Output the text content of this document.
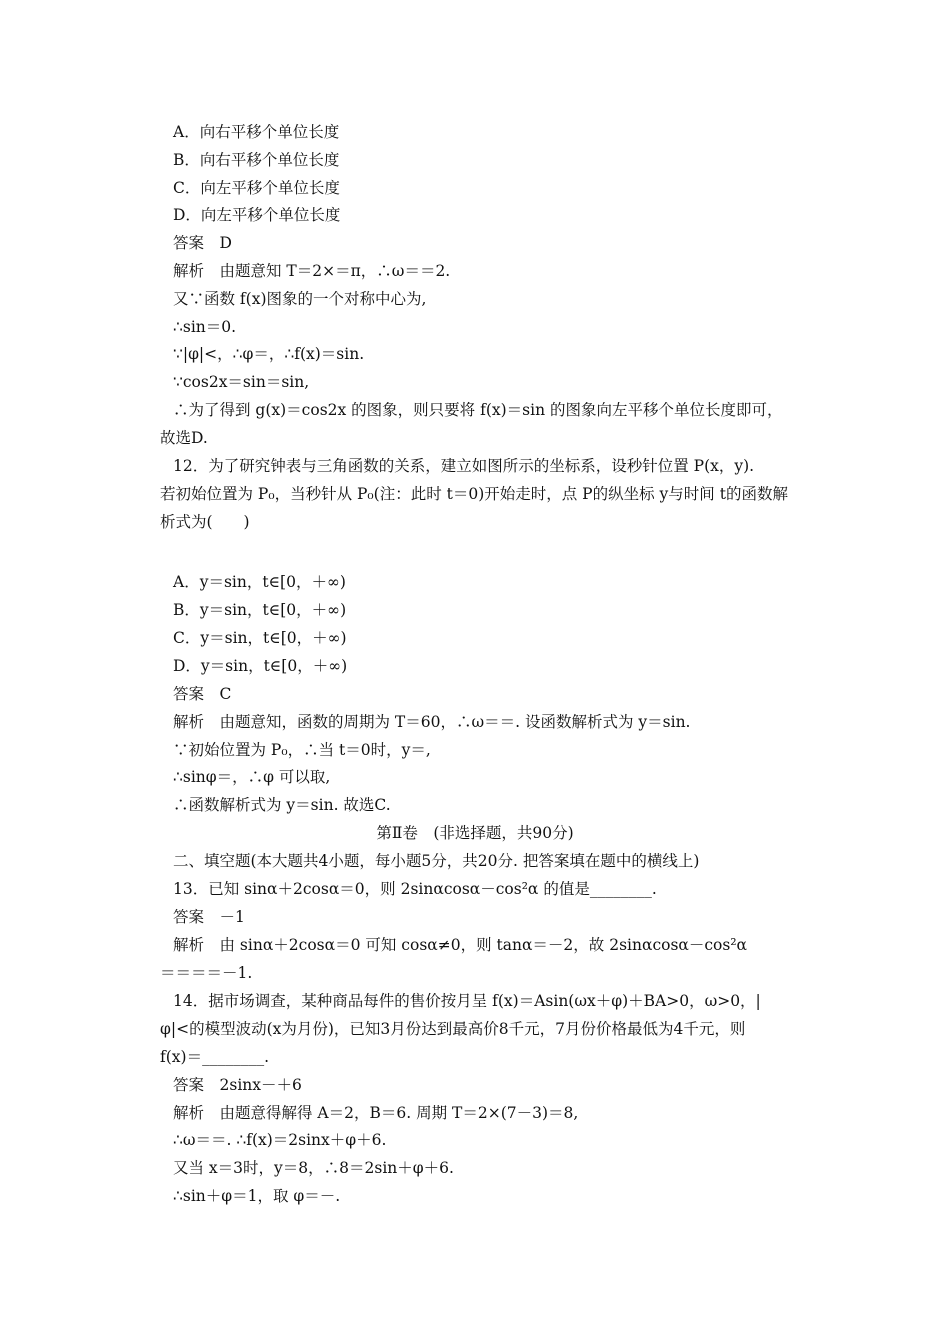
A．向右平移个单位长度
B．向右平移个单位长度
C．向左平移个单位长度
D．向左平移个单位长度
答案　D
解析　由题意知 T＝2×＝π，∴ω＝＝2.
又∵函数 f(x)图象的一个对称中心为,
∴sin＝0.
∵|φ|<，∴φ＝，∴f(x)＝sin.
∵cos2x＝sin＝sin,
∴为了得到 g(x)＝cos2x 的图象，则只要将 f(x)＝sin 的图象向左平移个单位长度即可，
故选D.
12．为了研究钟表与三角函数的关系，建立如图所示的坐标系，设秒针位置 P(x，y).
若初始位置为 P₀，当秒针从 P₀(注：此时 t＝0)开始走时，点 P的纵坐标 y与时间 t的函数解
析式为(　　)
A．y＝sin，t∈[0，＋∞)
B．y＝sin，t∈[0，＋∞)
C．y＝sin，t∈[0，＋∞)
D．y＝sin，t∈[0，＋∞)
答案　C
解析　由题意知，函数的周期为 T＝60，∴ω＝＝. 设函数解析式为 y＝sin.
∵初始位置为 P₀，∴当 t＝0时，y＝,
∴sinφ＝，∴φ 可以取,
∴函数解析式为 y＝sin. 故选C.
第Ⅱ卷　(非选择题，共90分)
二、填空题(本大题共4小题，每小题5分，共20分. 把答案填在题中的横线上)
13．已知 sinα＋2cosα＝0，则 2sinαcosα－cos²α 的值是________.
答案　－1
解析　由 sinα＋2cosα＝0 可知 cosα≠0，则 tanα＝－2，故 2sinαcosα－cos²α
＝＝＝＝－1.
14．据市场调查，某种商品每件的售价按月呈 f(x)＝Asin(ωx＋φ)＋BA>0，ω>0，|
φ|<的模型波动(x为月份)，已知3月份达到最高价8千元，7月份价格最低为4千元，则
f(x)＝________.
答案　2sinx－＋6
解析　由题意得解得 A＝2，B＝6. 周期 T＝2×(7－3)＝8,
∴ω＝＝. ∴f(x)＝2sinx＋φ＋6.
又当 x＝3时，y＝8，∴8＝2sin＋φ＋6.
∴sin＋φ＝1，取 φ＝－.
